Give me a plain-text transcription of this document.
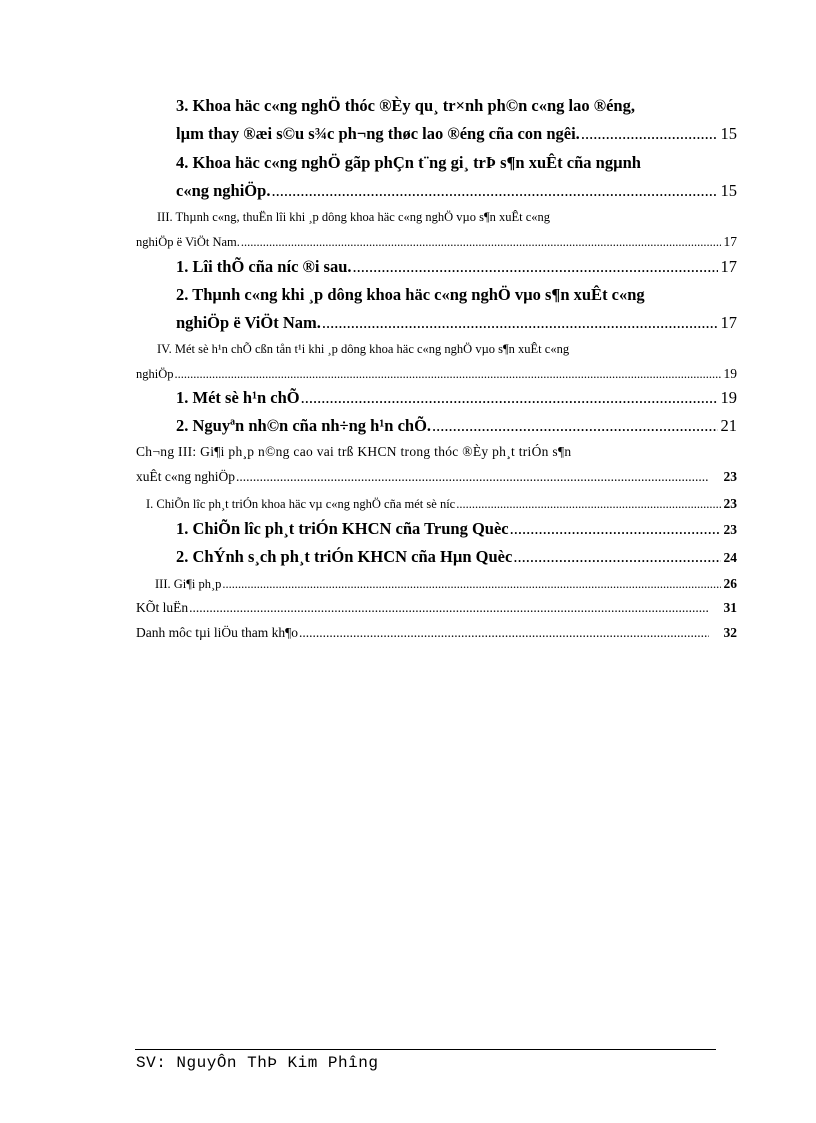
3. Khoa häc c«ng nghÖ thóc ®Èy qu¸ tr×nh ph©n c«ng lao ®éng,
lµm thay ®æi s©u s¾c ph¬ng thøc lao ®éng cña con ngêi. .....	15
4. Khoa häc c«ng nghÖ gãp phÇn t¨ng gi¸ trÞ s¶n xuÊt cña ngµnh
c«ng nghiÖp. .....	15
III. Thµnh c«ng, thuËn lîi khi ¸p dông khoa häc c«ng nghÖ vµo s¶n xuÊt c«ng
nghiÖp ë ViÖt Nam. .....	17
1. Lîi thÕ cña níc ®i sau. .....	17
2. Thµnh c«ng khi ¸p dông khoa häc c«ng nghÖ vµo s¶n xuÊt c«ng
nghiÖp ë ViÖt Nam. .....	17
IV. Mét sè h¹n chÕ cßn tån t¹i khi ¸p dông khoa häc c«ng nghÖ vµo s¶n xuÊt c«ng
nghiÖp .....	19
1. Mét sè h¹n chÕ .....	19
2. Nguyªn nh©n cña nh÷ng h¹n chÕ. .....	21
Ch¬ng III: Gi¶i ph¸p n©ng cao vai trß KHCN trong thóc ®Èy ph¸t triÓn s¶n
xuÊt c«ng nghiÖp .....	23
I. ChiÕn lîc ph¸t triÓn khoa häc vµ c«ng nghÖ cña mét sè níc .....	23
1. ChiÕn lîc ph¸t triÓn KHCN cña Trung Quèc .....	23
2. ChÝnh s¸ch ph¸t triÓn KHCN cña Hµn Quèc .....	24
III. Gi¶i ph¸p .....	26
KÕt luËn .....	31
Danh môc tµi liÖu tham kh¶o .....	32
SV: NguyÔn ThÞ Kim Phîng
